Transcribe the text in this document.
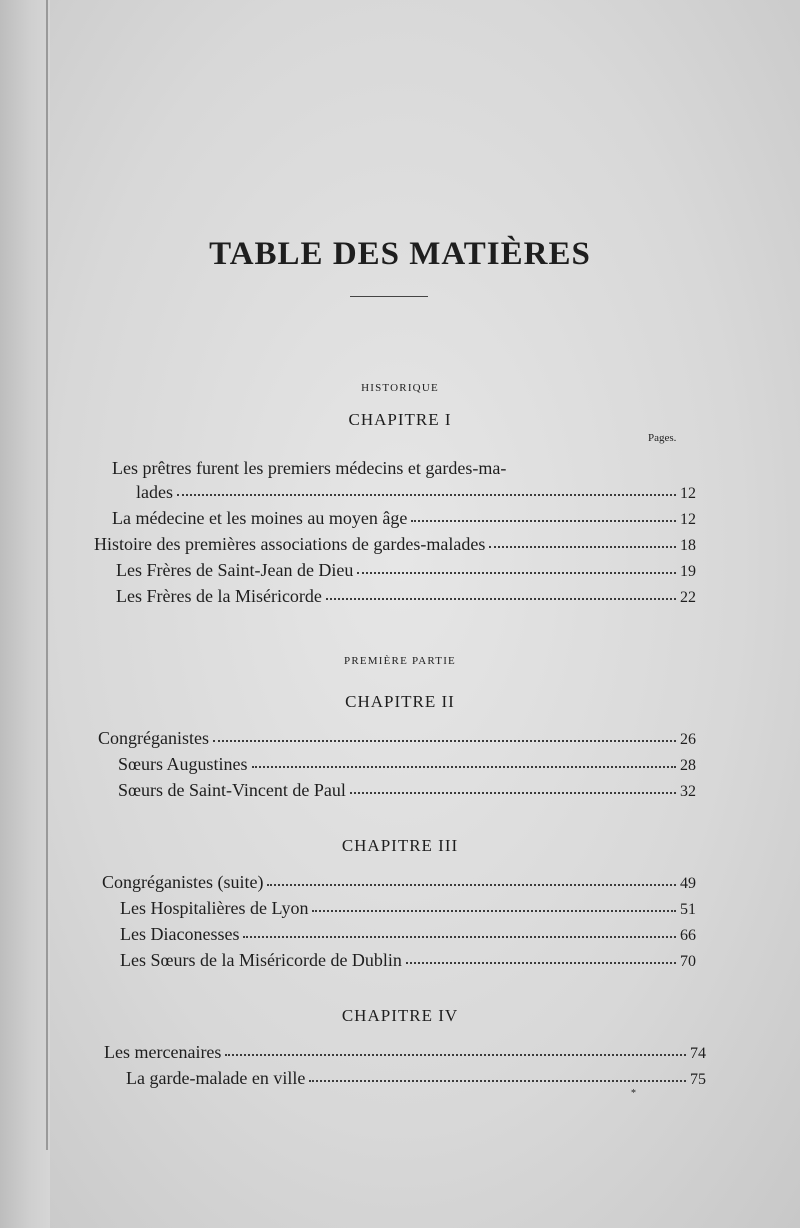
TABLE DES MATIÈRES
HISTORIQUE
CHAPITRE I
Pages.
Les prêtres furent les premiers médecins et gardes-ma-
lades	12
La médecine et les moines au moyen âge	12
Histoire des premières associations de gardes-malades	18
Les Frères de Saint-Jean de Dieu	19
Les Frères de la Miséricorde	22
PREMIÈRE PARTIE
CHAPITRE II
Congréganistes	26
Sœurs Augustines	28
Sœurs de Saint-Vincent de Paul	32
CHAPITRE III
Congréganistes (suite)	49
Les Hospitalières de Lyon	51
Les Diaconesses	66
Les Sœurs de la Miséricorde de Dublin	70
CHAPITRE IV
Les mercenaires	74
La garde-malade en ville	75
*
